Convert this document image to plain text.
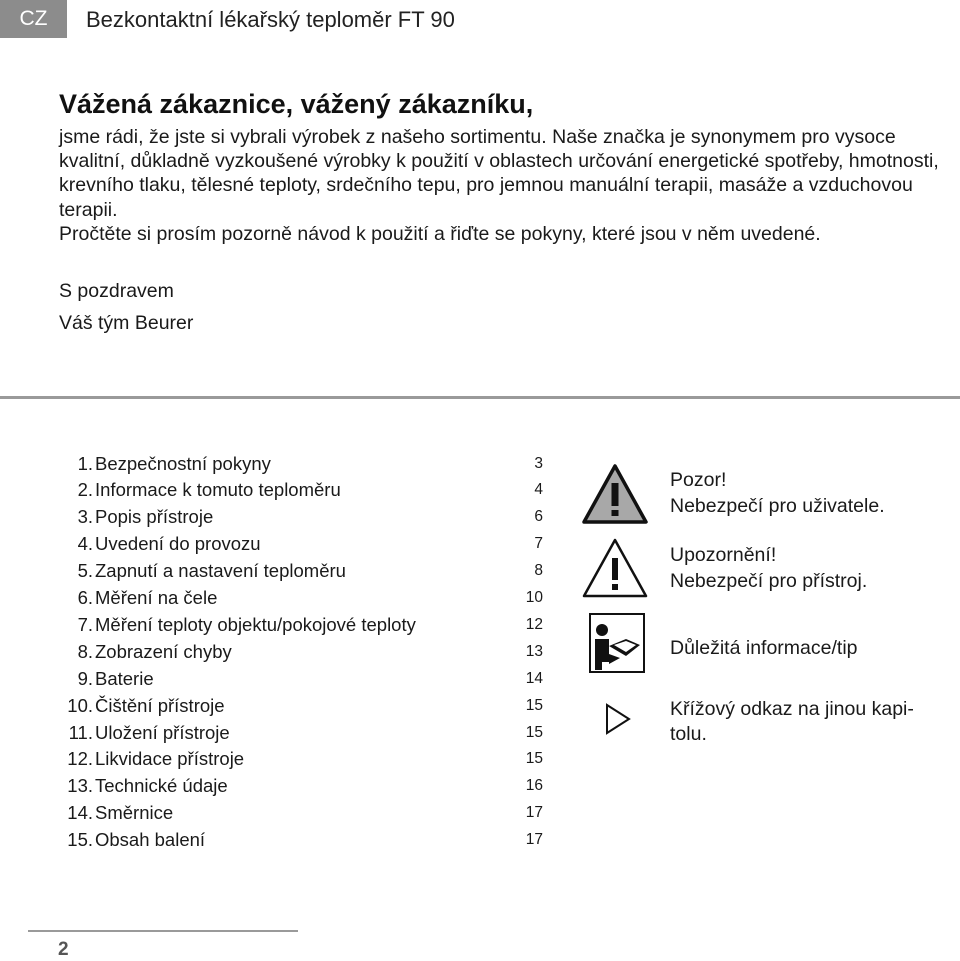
CZ Bezkontaktní lékařský teploměr FT 90
Vážená zákaznice, vážený zákazníku,

jsme rádi, že jste si vybrali výrobek z našeho sortimentu. Naše značka je synonymem pro vysoce kvalitní, důkladně vyzkoušené výrobky k použití v oblastech určování energetické spotřeby, hmotnosti, krevního tlaku, tělesné teploty, srdečního tepu, pro jemnou manuální terapii, masáže a vzduchovou terapii.

Pročtěte si prosím pozorně návod k použití a řiďte se pokyny, které jsou v něm uvedené.

S pozdravem
Váš tým Beurer
1. Bezpečnostní pokyny	3
2. Informace k tomuto teploměru	4
3. Popis přístroje	6
4. Uvedení do provozu	7
5. Zapnutí a nastavení teploměru	8
6. Měření na čele	10
7. Měření teploty objektu/pokojové teploty	12
8. Zobrazení chyby	13
9. Baterie	14
10. Čištění přístroje	15
11. Uložení přístroje	15
12. Likvidace přístroje	15
13. Technické údaje	16
14. Směrnice	17
15. Obsah balení	17

Pozor!

Nebezpečí pro uživatele.

Upozornění!

Nebezpečí pro přístroj.

Důležitá informace/tip

Křížový odkaz na jinou kapi-

tolu.

2
